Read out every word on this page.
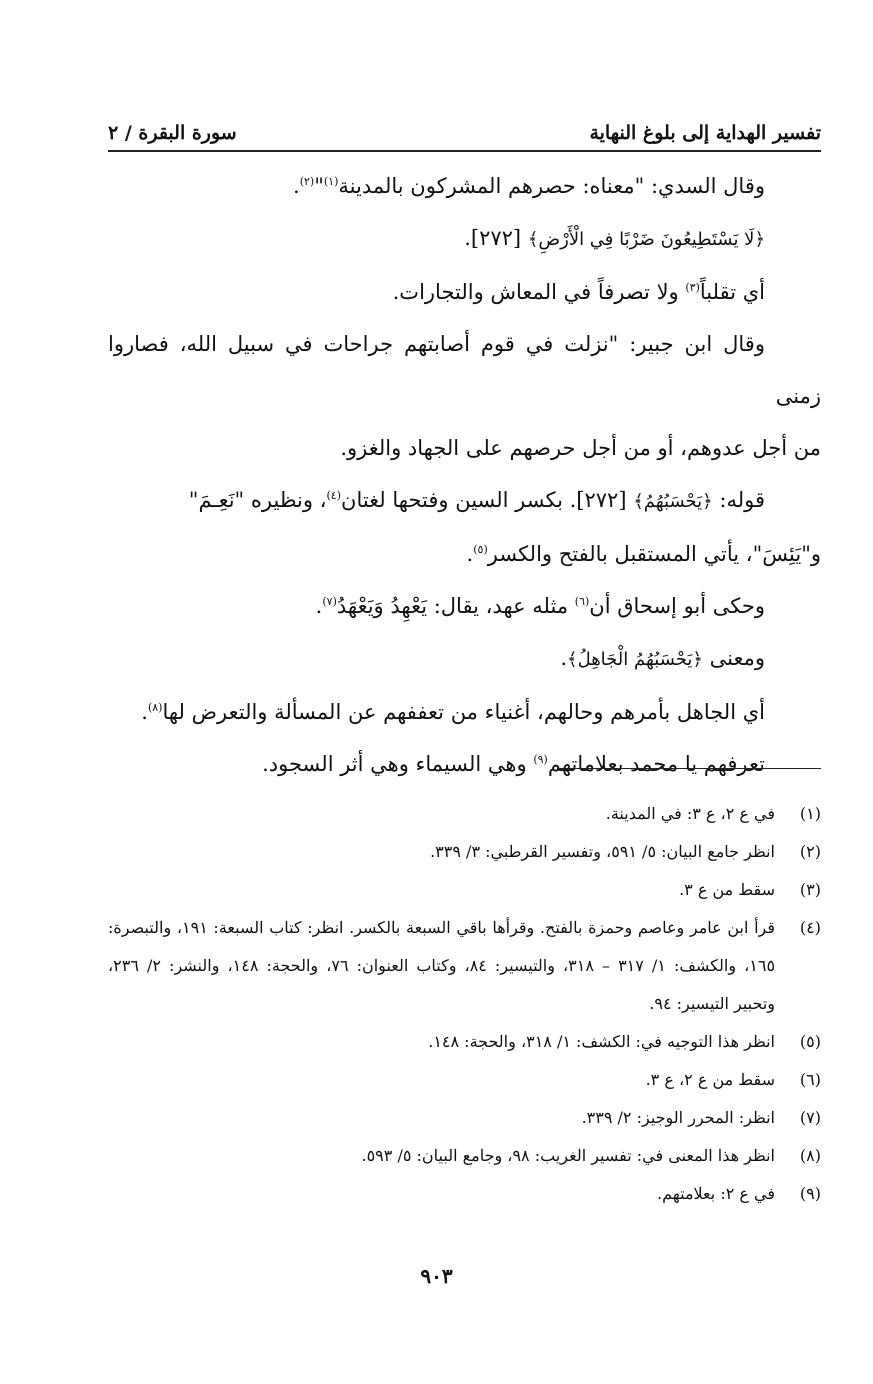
تفسير الهداية إلى بلوغ النهاية
سورة البقرة / ٢

وقال السدي: "معناه: حصرهم المشركون بالمدينة$^{(١)}$"$^{(٢)}$.

﴿لَا يَسْتَطِيعُونَ ضَرْبًا فِي الْأَرْضِ﴾ [٢٧٢].

أي تقلباً$^{(٣)}$ ولا تصرفاً في المعاش والتجارات.

وقال ابن جبير: "نزلت في قوم أصابتهم جراحات في سبيل الله، فصاروا زمنى

من أجل عدوهم، أو من أجل حرصهم على الجهاد والغزو.

قوله: ﴿يَحْسَبُهُمُ﴾ [٢٧٢]. بكسر السين وفتحها لغتان$^{(٤)}$، ونظيره "نَعِـمَ"

و"يَئِسَ"، يأتي المستقبل بالفتح والكسر$^{(٥)}$.

وحكى أبو إسحاق أن$^{(٦)}$ مثله عهد، يقال: يَعْهِدُ وَيَعْهَدُ$^{(٧)}$.

ومعنى ﴿يَحْسَبُهُمُ الْجَاهِلُ﴾.

أي الجاهل بأمرهم وحالهم، أغنياء من تعففهم عن المسألة والتعرض لها$^{(٨)}$.

تعرفهم يا محمد بعلاماتهم$^{(٩)}$ وهي السيماء وهي أثر السجود.

(١)
في ع ٢، ع ٣: في المدينة.
(٢)
انظر جامع البيان: ٥/ ٥٩١، وتفسير القرطبي: ٣/ ٣٣٩.
(٣)
سقط من ع ٣.
(٤)
قرأ ابن عامر وعاصم وحمزة بالفتح. وقرأها باقي السبعة بالكسر. انظر: كتاب السبعة: ١٩١، والتبصرة: ١٦٥، والكشف: ١/ ٣١٧ – ٣١٨، والتيسير: ٨٤، وكتاب العنوان: ٧٦، والحجة: ١٤٨، والنشر: ٢/ ٢٣٦، وتحبير التيسير: ٩٤.
(٥)
انظر هذا التوجيه في: الكشف: ١/ ٣١٨، والحجة: ١٤٨.
(٦)
سقط من ع ٢، ع ٣.
(٧)
انظر: المحرر الوجيز: ٢/ ٣٣٩.
(٨)
انظر هذا المعنى في: تفسير الغريب: ٩٨، وجامع البيان: ٥/ ٥٩٣.
(٩)
في ع ٢: بعلامتهم.
٩٠٣
